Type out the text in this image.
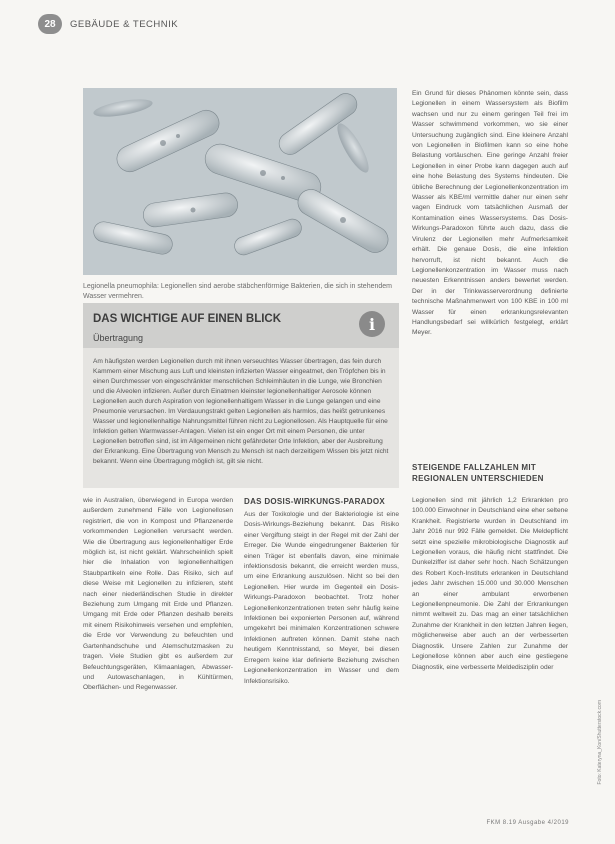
28	GEBÄUDE & TECHNIK
Legionella pneumophila: Legionellen sind aerobe stäbchenförmige Bakterien, die sich in stehendem Wasser vermehren.
DAS WICHTIGE AUF EINEN BLICK
Übertragung
i
Am häufigsten werden Legionellen durch mit ihnen verseuchtes Wasser übertragen, das fein durch Kammern einer Mischung aus Luft und kleinsten infizierten Wasser eingeatmet, den Tröpfchen bis in einen Durchmesser von eingeschränkter menschlichen Schleimhäuten in die Lunge, wie Bronchien und die Alveolen infizieren. Außer durch Einatmen kleinster legionellenhaltiger Aerosole können Legionellen auch durch Aspiration von legionellenhaltigem Wasser in die Lunge gelangen und eine Pneumonie verursachen. Im Verdauungstrakt gelten Legionellen als harmlos, das heißt getrunkenes Wasser und legionellenhaltige Nahrungsmittel führen nicht zu Legionellosen. Als Hauptquelle für eine Infektion gelten Warmwasser-Anlagen. Vielen ist ein enger Ort mit einem Personen, die unter Legionellen betroffen sind, ist im Allgemeinen nicht gefährdeter Orte Infektion, aber der Ausbreitung der Erkrankung. Eine Übertragung von Mensch zu Mensch ist nach derzeitigem Wissen bis jetzt nicht bekannt. Wenn eine Übertragung möglich ist, gilt sie nicht.
wie in Australien, überwiegend in Europa werden außerdem zunehmend Fälle von Legionellosen registriert, die von in Kompost und Pflanzenerde vorkommenden Legionellen verursacht werden. Wie die Übertragung aus legionellenhaltiger Erde möglich ist, ist nicht geklärt. Wahrscheinlich spielt hier die Inhalation von legionellenhaltigen Staubpartikeln eine Rolle. Das Risiko, sich auf diese Weise mit Legionellen zu infizieren, steht nach einer niederländischen Studie in direkter Beziehung zum Umgang mit Erde und Pflanzen. Umgang mit Erde oder Pflanzen deshalb bereits mit einem Risikohinweis versehen und empfehlen, die Erde vor Verwendung zu befeuchten und Gartenhandschuhe und Atemschutzmasken zu tragen. Viele Studien gibt es außerdem zur Befeuchtungsgeräten, Klimaanlagen, Abwasser- und Autowaschanlagen, in Kühltürmen, Oberflächen- und Regenwasser.
DAS DOSIS-WIRKUNGS-PARADOX
Aus der Toxikologie und der Bakteriologie ist eine Dosis-Wirkungs-Beziehung bekannt. Das Risiko einer Vergiftung steigt in der Regel mit der Zahl der Erreger. Die Wunde eingedrungener Bakterien für einen Träger ist ebenfalls davon, eine minimale infektionsdosis bekannt, die erreicht werden muss, um eine Erkrankung auszulösen. Nicht so bei den Legionellen. Hier wurde im Gegenteil ein Dosis-Wirkungs-Paradoxon beobachtet. Trotz hoher Legionellenkonzentrationen treten sehr häufig keine Infektionen bei exponierten Personen auf, während umgekehrt bei minimalen Konzentrationen schwere Infektionen auftreten können. Damit stehe nach heutigem Kenntnisstand, so Meyer, bei diesen Erregern keine klar definierte Beziehung zwischen Legionellenkonzentration im Wasser und dem Infektionsrisiko.
Ein Grund für dieses Phänomen könnte sein, dass Legionellen in einem Wassersystem als Biofilm wachsen und nur zu einem geringen Teil frei im Wasser schwimmend vorkommen, wo sie einer Untersuchung zugänglich sind. Eine kleinere Anzahl von Legionellen in Biofilmen kann so eine hohe Belastung vortäuschen. Eine geringe Anzahl freier Legionellen in einer Probe kann dagegen auch auf eine hohe Belastung des Systems hindeuten. Die übliche Berechnung der Legionellenkonzentration im Wasser als KBE/ml vermittle daher nur einen sehr vagen Eindruck vom tatsächlichen Ausmaß der Kontamination eines Wassersystems. Das Dosis-Wirkungs-Paradoxon führte auch dazu, dass die Virulenz der Legionellen mehr Aufmerksamkeit erhält. Die genaue Dosis, die eine Infektion hervorruft, ist nicht bekannt. Auch die Legionellenkonzentration im Wasser muss nach neuesten Erkenntnissen anders bewertet werden. Der in der Trinkwasserverordnung definierte technische Maßnahmenwert von 100 KBE in 100 ml Wasser für einen erkrankungsrelevanten Handlungsbedarf sei willkürlich festgelegt, erklärt Meyer.
STEIGENDE FALLZAHLEN MIT REGIONALEN UNTERSCHIEDEN
Legionellen sind mit jährlich 1,2 Erkrankten pro 100.000 Einwohner in Deutschland eine eher seltene Krankheit. Registrierte wurden in Deutschland im Jahr 2016 nur 992 Fälle gemeldet. Die Meldepflicht setzt eine spezielle mikrobiologische Diagnostik auf Legionellen voraus, die häufig nicht stattfindet. Die Dunkelziffer ist daher sehr hoch. Nach Schätzungen des Robert Koch-Instituts erkranken in Deutschland jedes Jahr zwischen 15.000 und 30.000 Menschen an einer ambulant erworbenen Legionellenpneumonie. Die Zahl der Erkrankungen nimmt weltweit zu. Das mag an einer tatsächlichen Zunahme der Krankheit in den letzten Jahren liegen, möglicherweise aber auch an der verbesserten Diagnostik. Unsere Zahlen zur Zunahme der Legionellose können aber auch eine gestiegene Diagnostik, eine verbesserte Meldedisziplin oder
Foto: Kateryna_Kon/Shutterstock.com
FKM 8.19 Ausgabe 4/2019
